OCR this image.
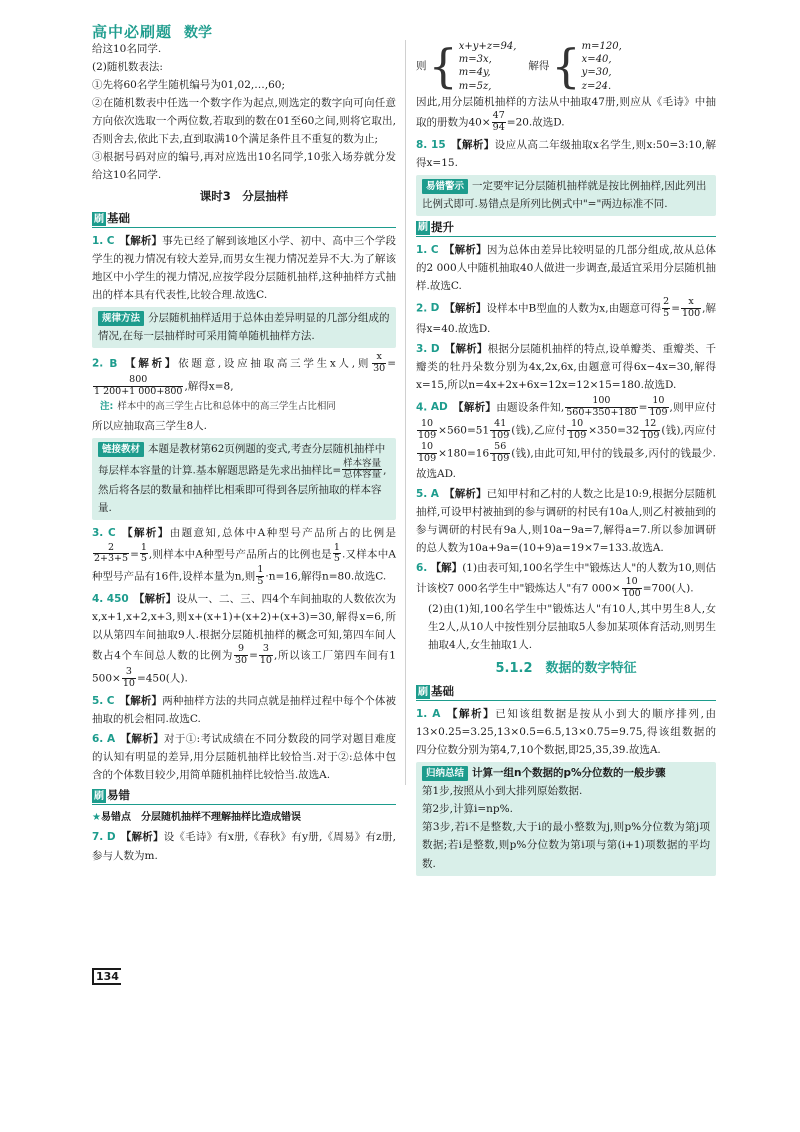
高中必刷题 数学

给这10名同学.

(2)随机数表法:

①先将60名学生随机编号为01,02,…,60;

②在随机数表中任选一个数字作为起点,则选定的数字向可向任意方向依次选取一个两位数,若取到的数在01至60之间,则将它取出,否则舍去,依此下去,直到取满10个满足条件且不重复的数为止;

③根据号码对应的编号,再对应选出10名同学,10张入场券就分发给这10名同学.

课时3　分层抽样
刷 基础

1. C 【解析】事先已经了解到该地区小学、初中、高中三个学段学生的视力情况有较大差异,而男女生视力情况差异不大.为了解该地区中小学生的视力情况,应按学段分层随机抽样,这种抽样方式抽出的样本具有代表性,比较合理.故选C.

规律方法 分层随机抽样适用于总体由差异明显的几部分组成的情况,在每一层抽样时可采用简单随机抽样方法.

2. B 【解析】依题意,设应抽取高三学生x人,则 $\frac{x}{30}$ =
$\frac{800}{1 200+1 000+800}$ ,解得x=8,

注: 样本中的高三学生占比和总体中的高三学生占比相同

所以应抽取高三学生8人.

链接教材 本题是教材第62页例题的变式,考查分层随机抽样中每层样本容量的计算.基本解题思路是先求出抽样比= $\frac{\text{样本容量}}{\text{总体容量}}$ ,然后将各层的数量和抽样比相乘即可得到各层所抽取的样本容量.

3. C 【解析】由题意知,总体中A种型号产品所占的比例是
$\frac{2}{2+3+5} = \frac{1}{5}$ ,则样本中A种型号产品所占的比例也是 $\frac{1}{5}$ .又样本中A种型号产品有16件,设样本量为n,则 $\frac{1}{5} \cdot n=16$,解得n=80.故选C.

4. 450 【解析】设从一、二、三、四4个车间抽取的人数依次为x,x+1,x+2,x+3,则x+(x+1)+(x+2)+(x+3)=30,解得x=6,所以从第四车间抽取9人.根据分层随机抽样的概念可知,第四车间人数占4个车间总人数的比例为 $\frac{9}{30} = \frac{3}{10}$ ,所以该工厂第四车间有1 $500\times \frac{3}{10} =450$(人).

5. C 【解析】两种抽样方法的共同点就是抽样过程中每个个体被抽取的机会相同.故选C.

6. A 【解析】对于①:考试成绩在不同分数段的同学对题目难度的认知有明显的差异,用分层随机抽样比较恰当.对于②:总体中包含的个体数目较少,用简单随机抽样比较恰当.故选A.

刷 易错
★易错点　 分层随机抽样不理解抽样比造成错误

7. D 【解析】设《毛诗》有x册,《春秋》有y册,《周易》有z册,参与人数为m.

则 { x+y+z=94,
m=3x,
m=4y,
m=5z,
解得 { m=120,
x=40,
y=30,
z=24.

因此,用分层随机抽样的方法从中抽取47册,则应从《毛诗》中抽取的册数为$40\times \frac{47}{94} =20$.故选D.

8. 15 【解析】设应从高二年级抽取x名学生,则x:50=3:10,解得x=15.

易错警示 一定要牢记分层随机抽样就是按比例抽样,因此列出比例式即可.易错点是所列比例式中"="两边标准不同.
刷 提升

1. C 【解析】因为总体由差异比较明显的几部分组成,故从总体的2 000人中随机抽取40人做进一步调查,最适宜采用分层随机抽样.故选C.

2. D 【解析】设样本中B型血的人数为x,由题意可得 $\frac{2}{5} = \frac{x}{100}$ ,解得x=40.故选D.

3. D 【解析】根据分层随机抽样的特点,设单瓣类、重瓣类、千瓣类的牡丹朵数分别为4x,2x,6x,由题意可得6x−4x=30,解得x=15,所以n=4x+2x+6x=12x=12×15=180.故选D.

4. AD 【解析】由题设条件知, $\frac{100}{560+350+180} = \frac{10}{109}$ ,则甲应付
$\frac{10}{109} \times 560=51 \frac{41}{109}$ (钱),乙应付 $\frac{10}{109} \times 350=32 \frac{12}{109}$ (钱),丙应付
$\frac{10}{109} \times 180=16 \frac{56}{109}$ (钱),由此可知,甲付的钱最多,丙付的钱最少.故选AD.

5. A 【解析】已知甲村和乙村的人数之比是10:9,根据分层随机抽样,可设甲村被抽到的参与调研的村民有10a人,则乙村被抽到的参与调研的村民有9a人,则10a−9a=7,解得a=7.所以参加调研的总人数为10a+9a=(10+9)a=19×7=133.故选A.

6. 【解】(1)由表可知,100名学生中"锻炼达人"的人数为10,则估计该校7 000名学生中"锻炼达人"有7 $000\times \frac{10}{100} =700$(人).

(2)由(1)知,100名学生中"锻炼达人"有10人,其中男生8人,女生2人,从10人中按性别分层抽取5人参加某项体育活动,则男生抽取4人,女生抽取1人.

5.1.2　数据的数字特征
刷 基础

1. A 【解析】已知该组数据是按从小到大的顺序排列,由13×0.25=3.25,13×0.5=6.5,13×0.75=9.75,得该组数据的四分位数分别为第4,7,10个数据,即25,35,39.故选A.

归纳总结 计算一组n个数据的p%分位数的一般步骤

第1步,按照从小到大排列原始数据.

第2步,计算i=np%.

第3步,若i不是整数,大于i的最小整数为j,则p%分位数为第j项数据;若i是整数,则p%分位数为第i项与第(i+1)项数据的平均数.

134
